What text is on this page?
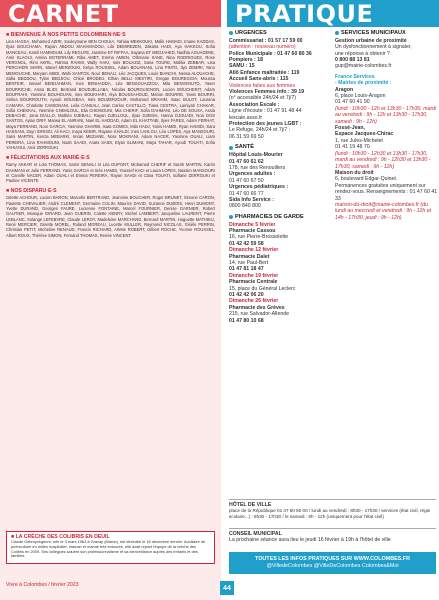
CARNET
■ BIENVENUE À NOS PETITS COLOMBIEN·NE·S
Lina HASSA, Mohamed AZIRI, Souleymane BEN CHOUIA, Yahiaa MEKKOUKI, Malik HAMADI, Imane KADDAS, Ilyas BOUCHAMA, Rayan ABDOU MAHAMADOU, Lila DEMIREZEN, Zakaria HADI, Aya HAKKOU, Sofia MANCEAU, Kamil HAMMOUM, Lily REGUYE, Jasmine ET RIFFAA, Sayana ET MEDJAHED, Nadhia AOUADENE, Amir KLAOUI, Amina BOTERRAMI, Riba AMET, Emma AMIEN, Othmane SANE, Nina RODRIGUES, Rose VERGNOL, Rimi AKRIL, Rahma RAHMI, Wally HAKI, Inès BOUAZIZ, Sana TOURE, Malika ZEBBAR, Lisa PERCHIERI MARN, Manel MERZOUKI, Kelya ROUSSEL, Adam BOUANANI, Lina PINTO, Ilya ZEMIRI, Yann MEMOUCHE, Maryam ABIDI, Wahi SANTOS, Nour BENALI, Léo JACQUES, Louis BIANCHI, Nessa ALOUACHE, Safia BEDDOU, Tylan BEDJIOU, Chloé BRODEU, Elhan BELLI MESTIRI, Gregan BOUREGGIA, Moussa BENTEIR, Ismael BENDAHMAN, Ines BENHADDA, Léa BENSOUAZZOU, Mila BENVENUTO, Yaser BOURRICHE, Aïssa BLIDI, Bertrand BOUDJELLABA, Nicolas BOURGUIGNON, Lucien BOUCHERIT, Adam BOUFRAHI, Yasmine BOUHOUAN, Ines BOUKHARI, Alya BOUSSAHOUD, Marion BOURRE, Yanis BOURRI, Selma BOURROUTH, Ayoub BOUSBAA, Inès BOUZERZOUR, Mohamed BRAHIM, Isaac BULOT, Laurana CAMARA, Charlotte CAMIGNANI, Leila CANSALI, Jean Carlos CASTILLO, Tiana CESTRA, Lamiyah CHAKAR, Sofia CHEKKAL, Yasmine CHEMLOUL, Elia CHENIOUNI, Mia CHERIF, Sofia DAHMANI, Léo DE SOUSA, Assia DEBACHE, Jana DIALLO, Mathéo DJEBALI, Rayan DJELLOUL, Ilyas DJEMAI, Hanna DJOUADI, Noa DOS SANTOS, Aylan DRIF, Marwa EL AMRANI, Nael EL HADDAD, Adam EL KHATTABI, Ilyes FARES, Adam FERHAT, Maya FERRAND, Nour GARCIA, Yasmine GHARBI, Isaïa GOMES, Mila HADJ, Yanis HAMDI, Ryan HAMIDI, Sara HASSANI, Zayn IDRISSI, Ali KACI, Inaya KEBIR, Rayane KHALDI, Ines LAHLOU, Léa LOPES, Aya MANSOURI, Sami MARTIN, Kenza MEBARKI, Imran MEZIANE, Nora MOKRANI, Adam NACER, Yasmine OUALI, Liam PEREIRA, Lina RAHMOUNI, Noah SAADI, Anaïs SAIDI, Elyas SLIMANI, Maya TAHAR, Ayoub TOUATI, Sofia YAHIAOUI, Amir ZERROUKI
■ FÉLICITATIONS AUX MARIÉ·E·S
Ramy AKKAR et Lola THOMAS, Samir BENALI et Léa DUPONT, Mohamed CHERIF et Sarah MARTIN, Karim DAHMANI et Julie FERRAND, Yanis GARCIA et Inès HAMDI, Youssef KACI et Laura LOPES, Nassim MANSOURI et Camille NACER, Adam OUALI et Emma PEREIRA, Rayan SAADI et Clara TOUATI, Sofiane ZERROUKI et Pauline VICENTE
■ NOS DISPARU·E·S
Odette ACHOUR, Lucien BARON, Marcelle BERTRAND, Jeannine BOUCHER, Roger BRUNET, Simone CARON, Paulette CHEVALIER, André CLEMENT, Germaine COLIN, Maurice DAVID, Suzanne DUBOIS, Henri DUMONT, Yvette DURAND, Georges FAURE, Lucienne FONTAINE, Marcel FOURNIER, Denise GARNIER, Robert GAUTIER, Monique GIRARD, Jean GUERIN, Colette HENRY, Michel LAMBERT, Jacqueline LAURENT, Pierre LEBLANC, Solange LEFEBVRE, Claude LEROY, Madeleine MARCHAND, Bernard MARTIN, Huguette MATHIEU, René MERCIER, Ginette MOREL, Roland MOREAU, Lucette MULLER, Raymond NICOLAS, Gisèle PERRIN, Christian PETIT, Micheline RENAUD, Francis RICHARD, Arlette ROBERT, Gilbert ROCHE, Yvonne ROUSSEL, Albert ROUX, Thérèse SIMON, Fernand THOMAS, Renée VINCENT
■ LA CRÈCHE DES COLIBRIS EN DEUIL
Claude Debruyckgeure, née le 3 mars 1963 à Gracay (Marne), est décédée le 16 décembre dernier. Auxiliaire de puériculture en milieu hospitalier, maman et mamie très entourée, elle avait rejoint l'équipe de la crèche des Colibris en 2009. Ses collègues saluent son professionnalisme et sa bienveillance auprès des enfants et des familles.
Vivre à Colombes / février 2023
PRATIQUE
URGENCES
Commissariat : 01 57 17 59 00
(attention : nouveau numéro)
Police Municipale : 01 47 60 80 36
Pompiers : 18
SAMU : 15
Allô Enfance maltraitée : 119
Accueil Sans-abris : 115
Violences faites aux femmes
Violences Femmes info : 39 19
(n° accessible 24h/24 et 7j/7)
Association Escale :
Ligne d'écoute : 01 47 91 48 44
lescale.asso.fr
Protection des jeunes LGBT :
Le Refuge, 24h/24 et 7j/7 :
06 31 59 69 50
SANTÉ
Hôpital Louis-Mourier
01 47 60 61 62
178, rue des Renouillers
Urgences adultes :
01 47 60 67 50
Urgences pédiatriques :
01 47 60 66 77
Sida Info Service :
0800 840 800
PHARMACIES DE GARDE
Dimanche 5 février
Pharmacie Cassou
16, rue Pierre-Brossolette
01 42 42 59 58
Dimanche 12 février
Pharmacie Dalet
14, rue Paul-Bert
01 47 81 18 47
Dimanche 19 février
Pharmacie Centrale
15, place du Général Leclerc
01 42 42 06 20
Dimanche 26 février
Pharmacie des Grèves
215, rue Salvador-Allende
01 47 80 10 68
SERVICES MUNICIPAUX
Gestion urbaine de proximité
Un dysfonctionnement à signaler,
une réponse à obtenir ?
0 800 88 13 81
gup@mairie-colombes.fr
France Services
- Mairies de proximité :
Aragon
6, place Louis-Aragon
01 47 60 41 90
(lundi : 10h30 - 12h et 13h30 - 17h30, mardi au vendredi : 9h - 12h et 13h30 - 17h30, samedi : 9h - 12h)
Fossé-Jean,
Espace Jacques-Chirac
1, rue Jules-Michelet
01 41 19 48 70
(lundi : 10h30 - 12h30 et 13h30 - 17h30, mardi au vendredi : 9h - 12h30 et 13h30 - 17h30, samedi : 9h - 12h)
Maison du droit
6, boulevard Edgar-Quinet.
Permanences gratuites uniquement sur rendez-vous. Renseignements : 01 47 60 41 33
maison-du-droit@mairie-colombes.fr (du lundi au mercredi et vendredi : 9h - 12h et 14h - 17h30, jeudi : 9h - 12h)
HÔTEL DE VILLE
place de la République 01 47 60 80 00 / lundi au vendredi : 8h30 - 17h30 / services (état civil, régie scolaire...) : 8h30 - 17h30 / le samedi : 9h - 12h (uniquement pour l'état civil)
CONSEIL MUNICIPAL
La prochaine séance aura lieu le jeudi 16 février à 19h à l'hôtel de ville
TOUTES LES INFOS PRATIQUES SUR WWW.COLOMBES.FR
@VilledeColombes @VilleDeColombes Colombes&Moi
44
